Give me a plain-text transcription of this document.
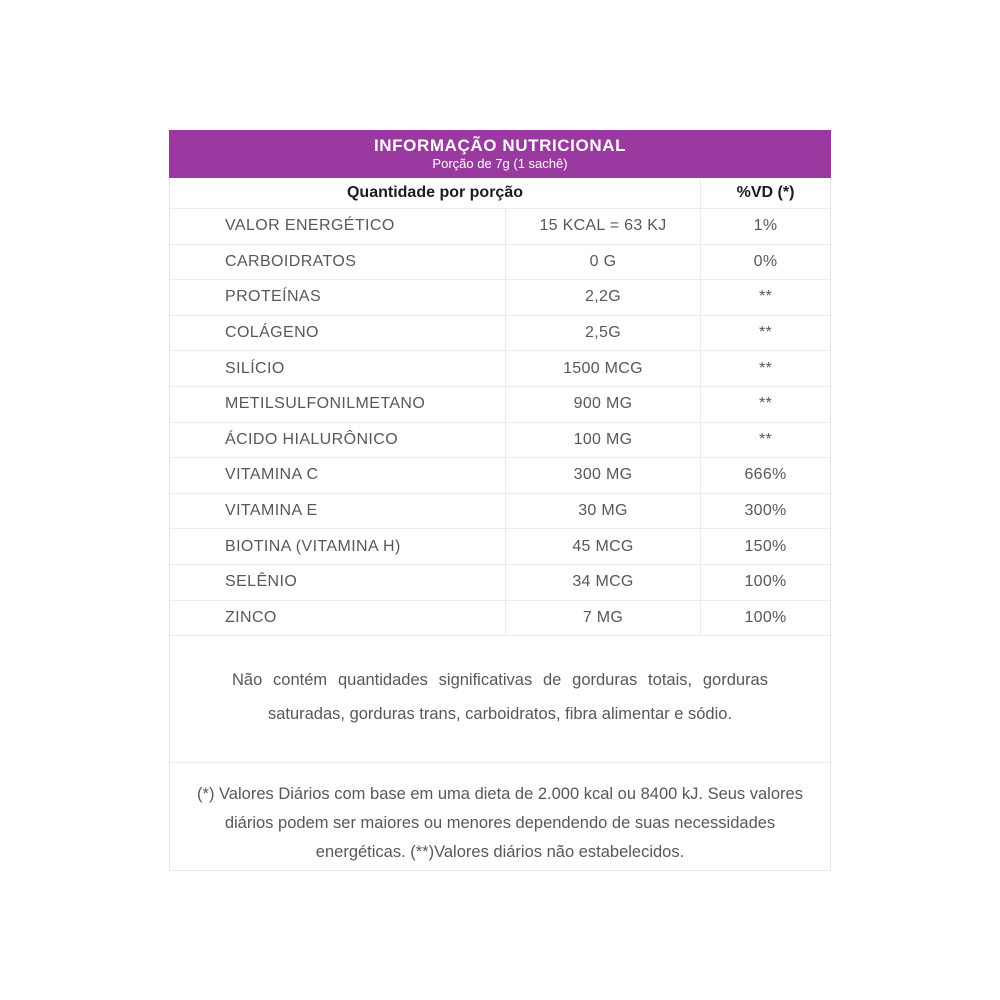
INFORMAÇÃO NUTRICIONAL
Porção de 7g (1 sachê)
Quantidade por porção	%VD (*)
VALOR ENERGÉTICO	15 KCAL = 63 KJ	1%
CARBOIDRATOS	0 G	0%
PROTEÍNAS	2,2G	**
COLÁGENO	2,5G	**
SILÍCIO	1500 MCG	**
METILSULFONILMETANO	900 MG	**
ÁCIDO HIALURÔNICO	100 MG	**
VITAMINA C	300 MG	666%
VITAMINA E	30 MG	300%
BIOTINA (VITAMINA H)	45 MCG	150%
SELÊNIO	34 MCG	100%
ZINCO	7 MG	100%
Não contém quantidades significativas de gorduras totais, gorduras saturadas, gorduras trans, carboidratos, fibra alimentar e sódio.
(*) Valores Diários com base em uma dieta de 2.000 kcal ou 8400 kJ. Seus valores diários podem ser maiores ou menores dependendo de suas necessidades energéticas. (**)Valores diários não estabelecidos.
